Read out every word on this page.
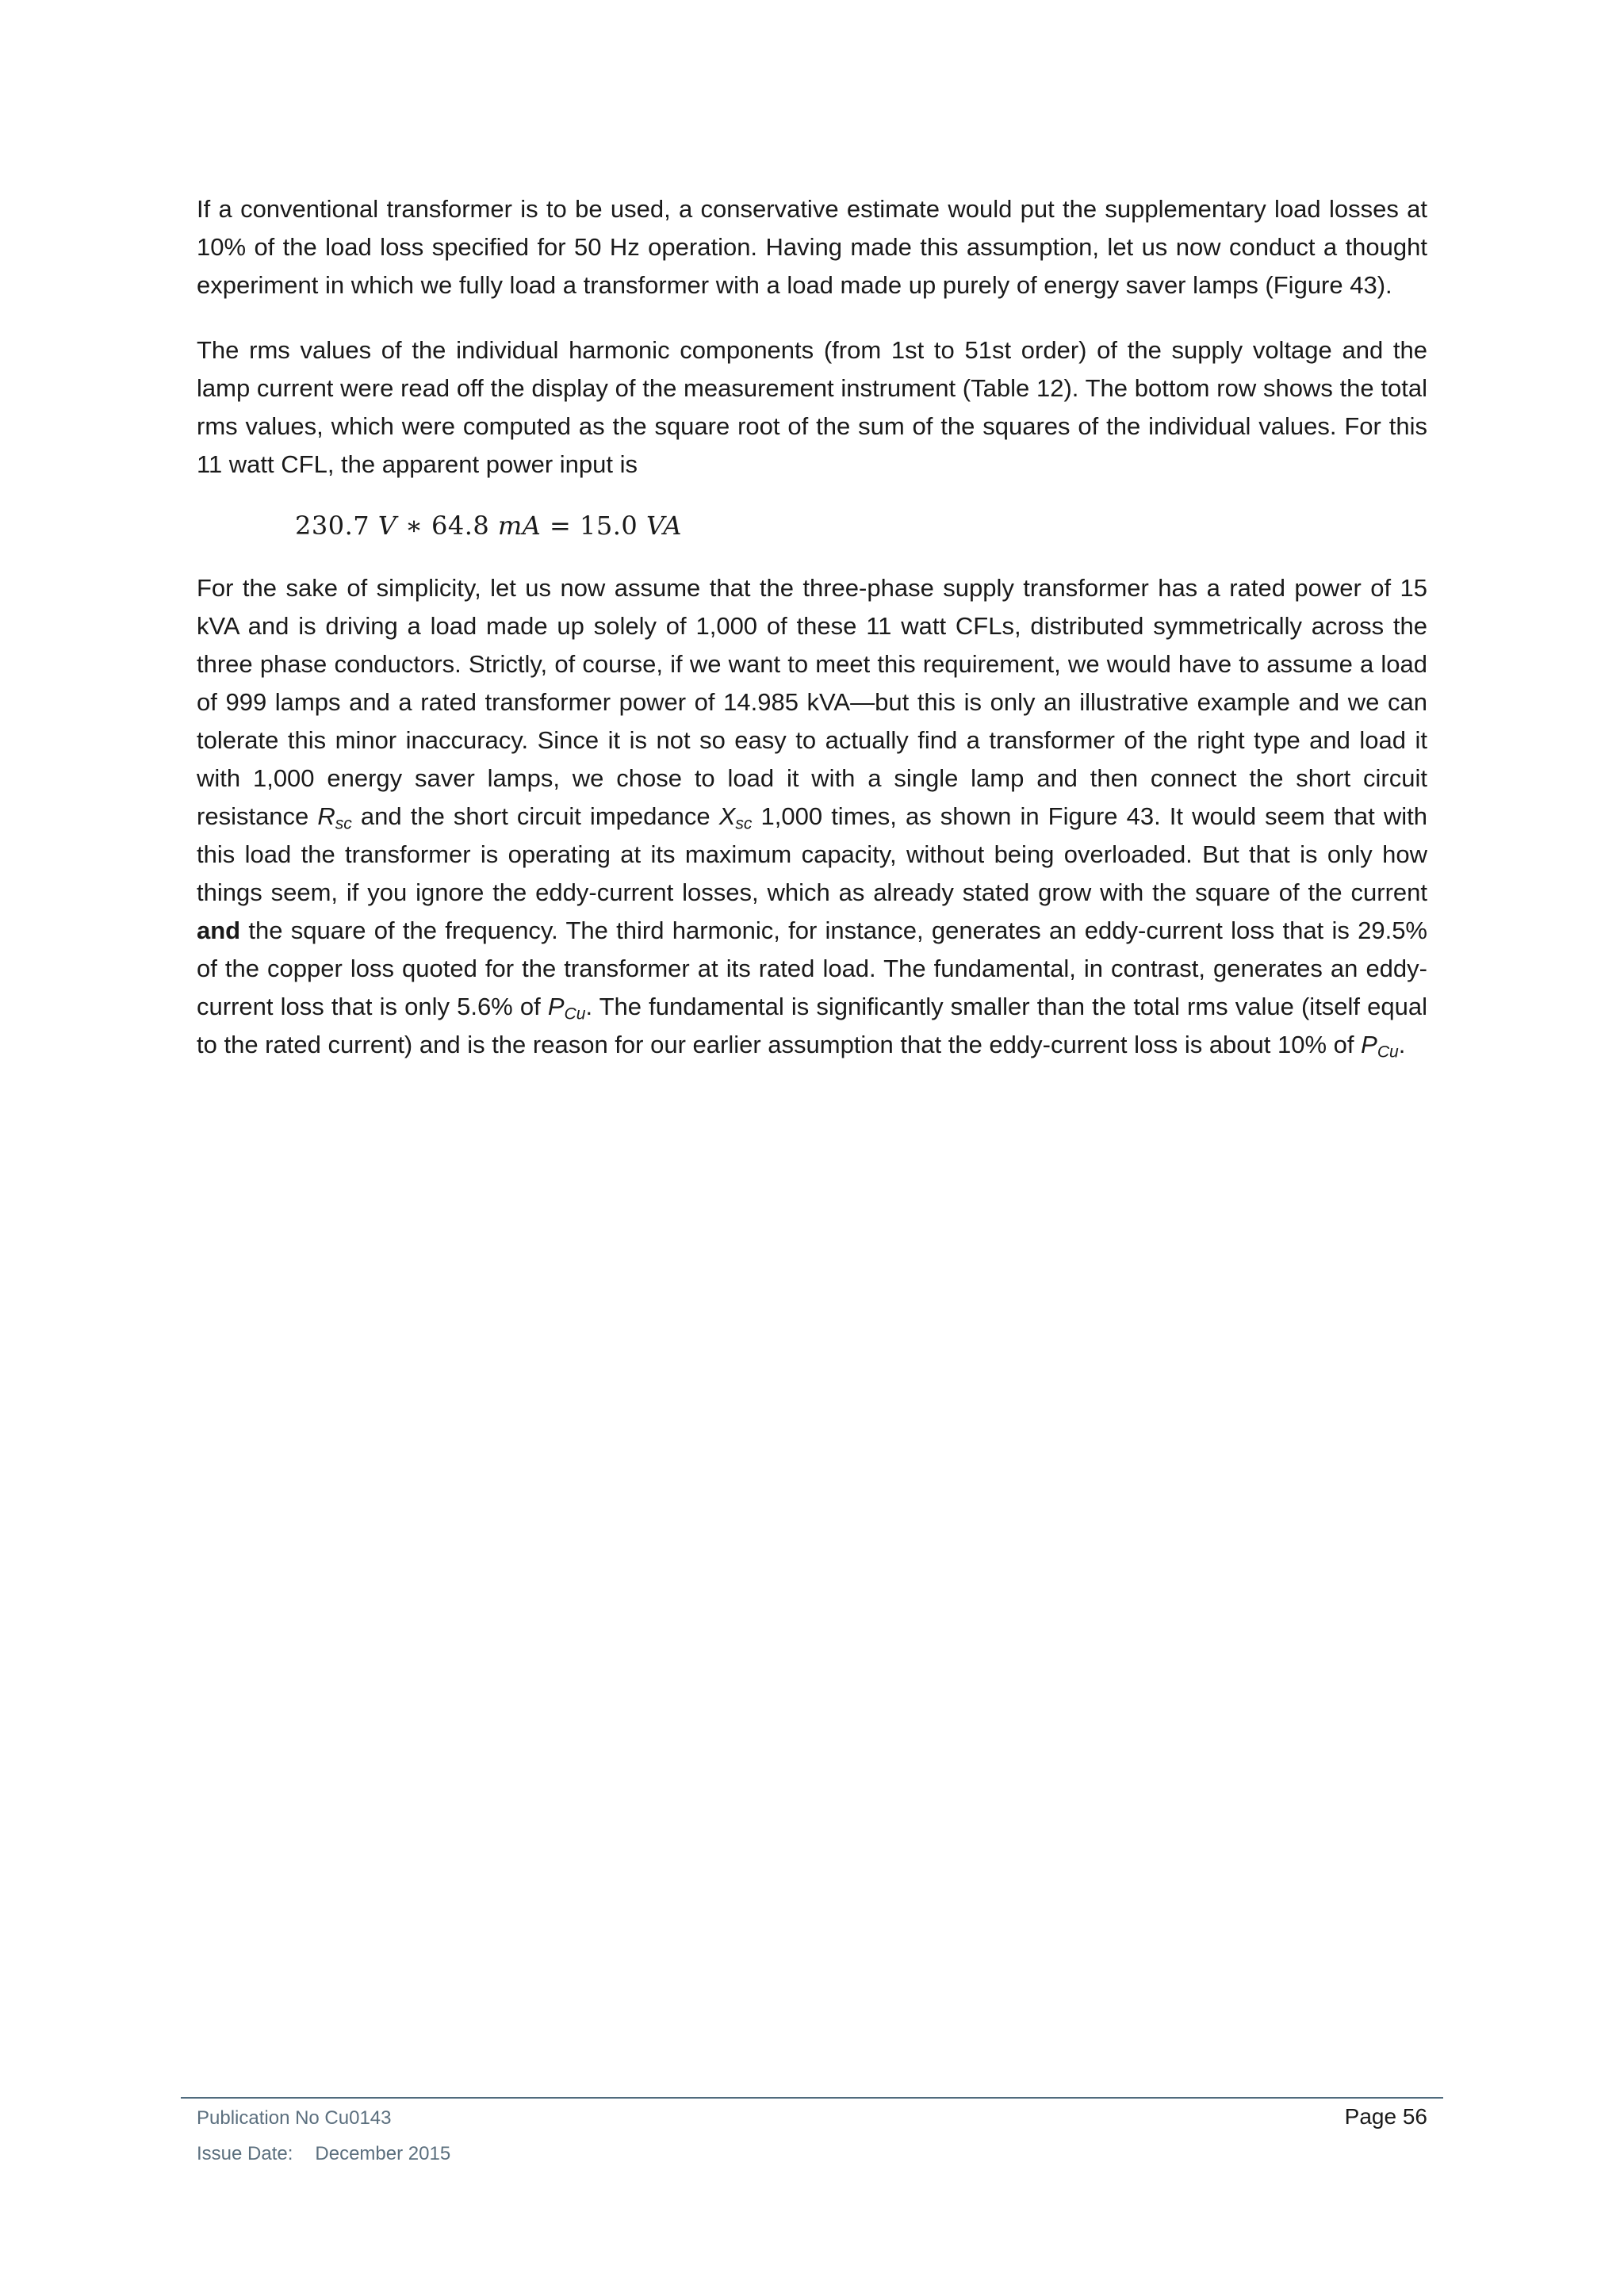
If a conventional transformer is to be used, a conservative estimate would put the supplementary load losses at 10% of the load loss specified for 50 Hz operation. Having made this assumption, let us now conduct a thought experiment in which we fully load a transformer with a load made up purely of energy saver lamps (Figure 43).

The rms values of the individual harmonic components (from 1st to 51st order) of the supply voltage and the lamp current were read off the display of the measurement instrument (Table 12). The bottom row shows the total rms values, which were computed as the square root of the sum of the squares of the individual values. For this 11 watt CFL, the apparent power input is

230.7 V ∗ 64.8 mA = 15.0 VA

For the sake of simplicity, let us now assume that the three-phase supply transformer has a rated power of 15 kVA and is driving a load made up solely of 1,000 of these 11 watt CFLs, distributed symmetrically across the three phase conductors. Strictly, of course, if we want to meet this requirement, we would have to assume a load of 999 lamps and a rated transformer power of 14.985 kVA—but this is only an illustrative example and we can tolerate this minor inaccuracy. Since it is not so easy to actually find a transformer of the right type and load it with 1,000 energy saver lamps, we chose to load it with a single lamp and then connect the short circuit resistance $R_{sc}$ and the short circuit impedance $X_{sc}$ 1,000 times, as shown in Figure 43. It would seem that with this load the transformer is operating at its maximum capacity, without being overloaded. But that is only how things seem, if you ignore the eddy-current losses, which as already stated grow with the square of the current and the square of the frequency. The third harmonic, for instance, generates an eddy-current loss that is 29.5% of the copper loss quoted for the transformer at its rated load. The fundamental, in contrast, generates an eddy-current loss that is only 5.6% of $P_{Cu}$. The fundamental is significantly smaller than the total rms value (itself equal to the rated current) and is the reason for our earlier assumption that the eddy-current loss is about 10% of $P_{Cu}$.

Publication No Cu0143	Page 56
Issue Date: December 2015
